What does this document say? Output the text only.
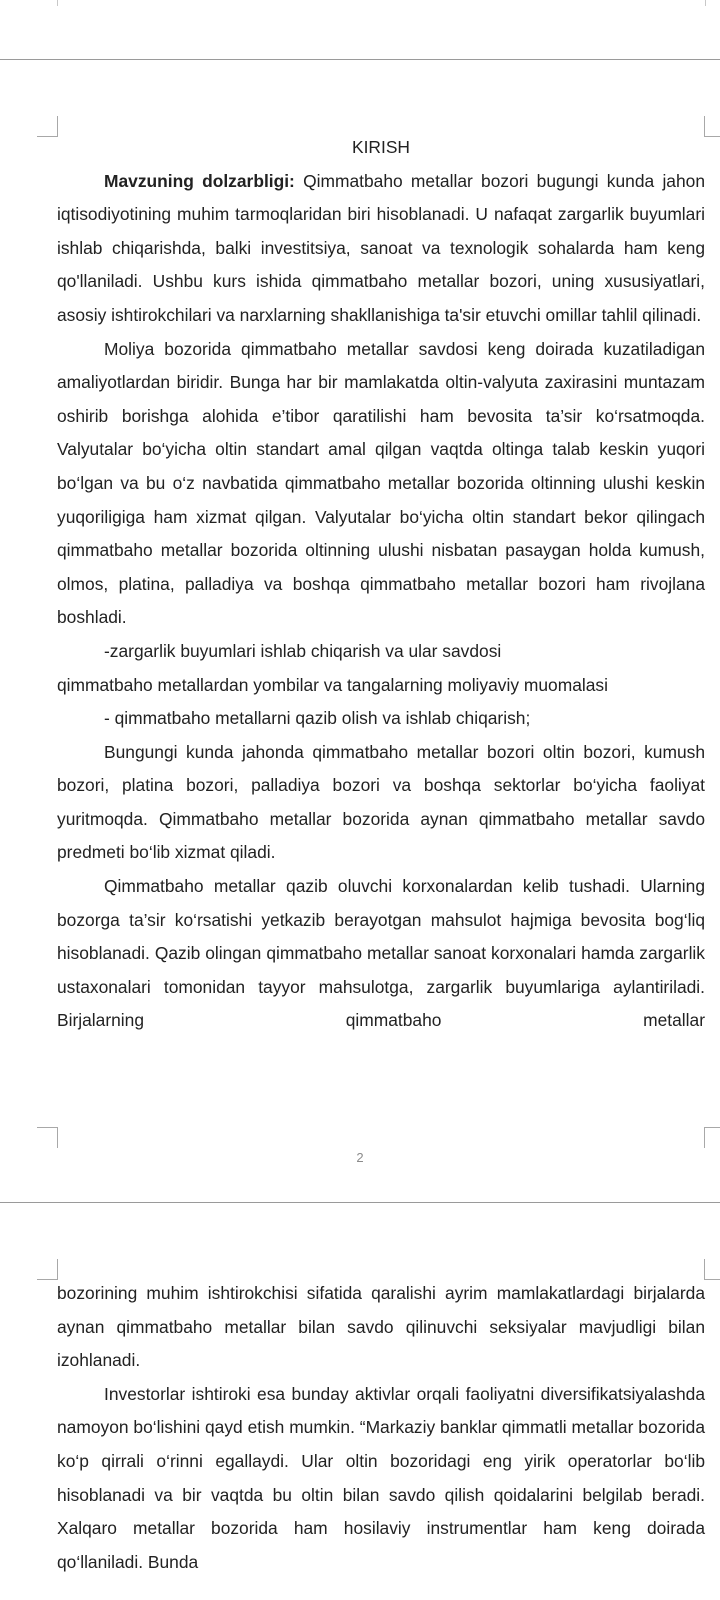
KIRISH

Mavzuning dolzarbligi: Qimmatbaho metallar bozori bugungi kunda jahon iqtisodiyotining muhim tarmoqlaridan biri hisoblanadi. U nafaqat zargarlik buyumlari ishlab chiqarishda, balki investitsiya, sanoat va texnologik sohalarda ham keng qo'llaniladi. Ushbu kurs ishida qimmatbaho metallar bozori, uning xususiyatlari, asosiy ishtirokchilari va narxlarning shakllanishiga ta'sir etuvchi omillar tahlil qilinadi.

Moliya bozorida qimmatbaho metallar savdosi keng doirada kuzatiladigan amaliyotlardan biridir. Bunga har bir mamlakatda oltin-valyuta zaxirasini muntazam oshirib borishga alohida e’tibor qaratilishi ham bevosita ta’sir ko‘rsatmoqda. Valyutalar bo‘yicha oltin standart amal qilgan vaqtda oltinga talab keskin yuqori bo‘lgan va bu o‘z navbatida qimmatbaho metallar bozorida oltinning ulushi keskin yuqoriligiga ham xizmat qilgan. Valyutalar bo‘yicha oltin standart bekor qilingach qimmatbaho metallar bozorida oltinning ulushi nisbatan pasaygan holda kumush, olmos, platina, palladiya va boshqa qimmatbaho metallar bozori ham rivojlana boshladi.

-zargarlik buyumlari ishlab chiqarish va ular savdosi

qimmatbaho metallardan yombilar va tangalarning moliyaviy muomalasi

- qimmatbaho metallarni qazib olish va ishlab chiqarish;

Bungungi kunda jahonda qimmatbaho metallar bozori oltin bozori, kumush bozori, platina bozori, palladiya bozori va boshqa sektorlar bo‘yicha faoliyat yuritmoqda. Qimmatbaho metallar bozorida aynan qimmatbaho metallar savdo predmeti bo‘lib xizmat qiladi.

Qimmatbaho metallar qazib oluvchi korxonalardan kelib tushadi. Ularning bozorga ta’sir ko‘rsatishi yetkazib berayotgan mahsulot hajmiga bevosita bog‘liq hisoblanadi. Qazib olingan qimmatbaho metallar sanoat korxonalari hamda zargarlik ustaxonalari tomonidan tayyor mahsulotga, zargarlik buyumlariga aylantiriladi. Birjalarning qimmatbaho metallar

2

bozorining muhim ishtirokchisi sifatida qaralishi ayrim mamlakatlardagi birjalarda aynan qimmatbaho metallar bilan savdo qilinuvchi seksiyalar mavjudligi bilan izohlanadi.

Investorlar ishtiroki esa bunday aktivlar orqali faoliyatni diversifikatsiyalashda namoyon bo‘lishini qayd etish mumkin. “Markaziy banklar qimmatli metallar bozorida ko‘p qirrali o‘rinni egallaydi. Ular oltin bozoridagi eng yirik operatorlar bo‘lib hisoblanadi va bir vaqtda bu oltin bilan savdo qilish qoidalarini belgilab beradi. Xalqaro metallar bozorida ham hosilaviy instrumentlar ham keng doirada qo‘llaniladi. Bunda
